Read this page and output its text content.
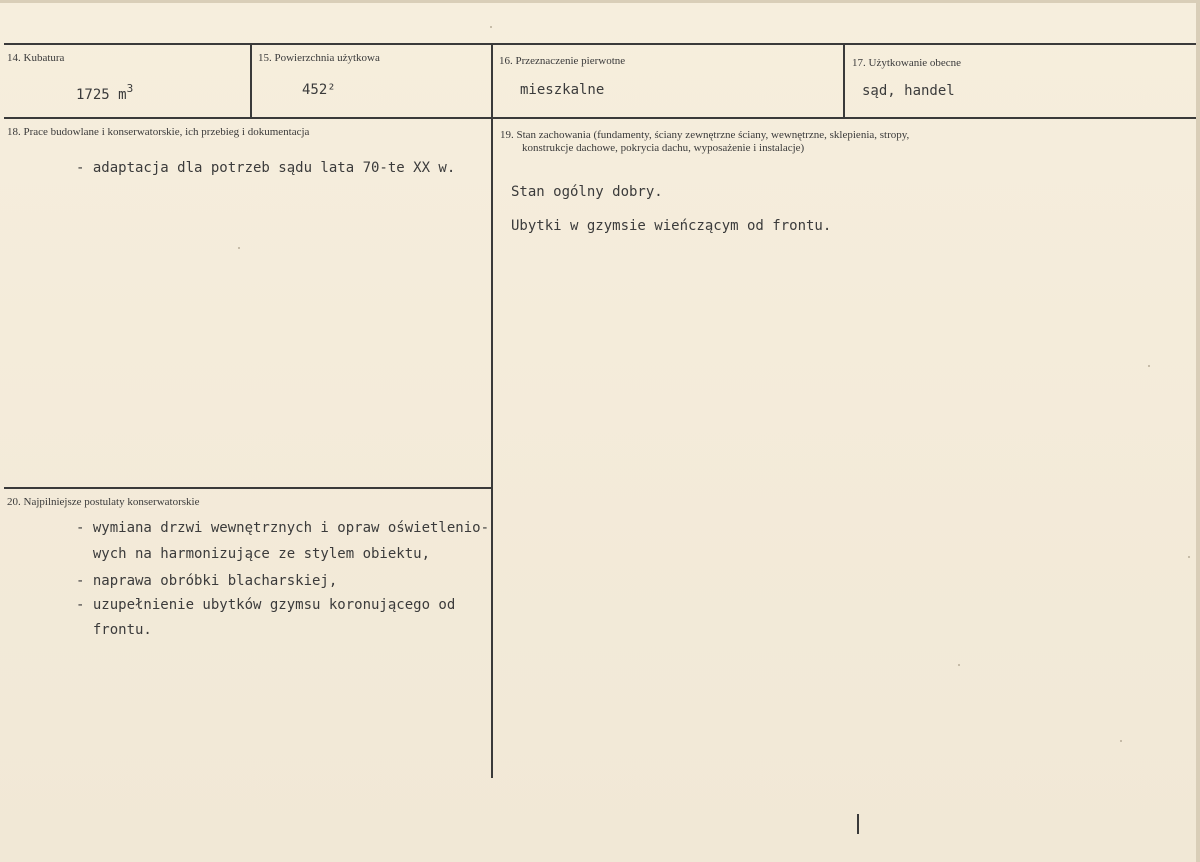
14. Kubatura
1725 $m^3$
15. Powierzchnia użytkowa
452²
16. Przeznaczenie pierwotne
mieszkalne
17. Użytkowanie obecne
sąd, handel
18. Prace budowlane i konserwatorskie, ich przebieg i dokumentacja
- adaptacja dla potrzeb sądu lata 70-te XX w.
19. Stan zachowania (fundamenty, ściany zewnętrzne ściany, wewnętrzne, sklepienia, stropy,
konstrukcje dachowe, pokrycia dachu, wyposażenie i instalacje)
Stan ogólny dobry.
Ubytki w gzymsie wieńczącym od frontu.
20. Najpilniejsze postulaty konserwatorskie
- wymiana drzwi wewnętrznych i opraw oświetlenio-
wych na harmonizujące ze stylem obiektu,
- naprawa obróbki blacharskiej,
- uzupełnienie ubytków gzymsu koronującego od
frontu.
